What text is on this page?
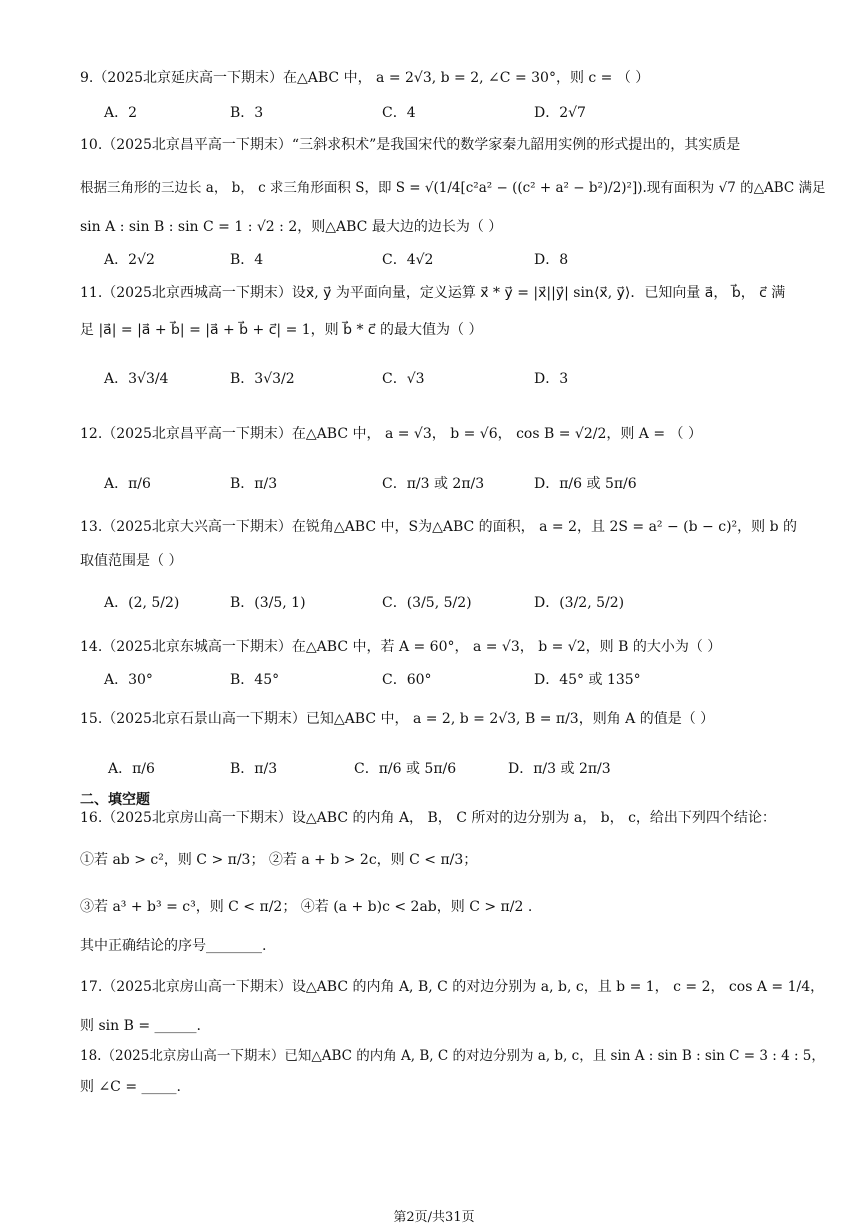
9.（2025北京延庆高一下期末）在△ABC 中， a = 2√3, b = 2, ∠C = 30°，则 c = （ ）
A．2	B．3	C．4	D．2√7
10.（2025北京昌平高一下期末）“三斜求积术”是我国宋代的数学家秦九韶用实例的形式提出的，其实质是
根据三角形的三边长 a， b， c 求三角形面积 S，即 S = √(1/4[c²a² − ((c² + a² − b²)/2)²]).现有面积为 √7 的△ABC 满足
sin A : sin B : sin C = 1 : √2 : 2，则△ABC 最大边的边长为（ ）
A．2√2	B．4	C．4√2	D．8
11.（2025北京西城高一下期末）设x⃗, y⃗ 为平面向量，定义运算 x⃗ * y⃗ = |x⃗||y⃗| sin⟨x⃗, y⃗⟩．已知向量 a⃗， b⃗， c⃗ 满
足 |a⃗| = |a⃗ + b⃗| = |a⃗ + b⃗ + c⃗| = 1，则 b⃗ * c⃗ 的最大值为（ ）
A．3√3/4	B．3√3/2	C．√3	D．3
12.（2025北京昌平高一下期末）在△ABC 中， a = √3， b = √6， cos B = √2/2，则 A = （ ）
A．π/6	B．π/3	C．π/3 或 2π/3	D．π/6 或 5π/6
13.（2025北京大兴高一下期末）在锐角△ABC 中，S为△ABC 的面积， a = 2，且 2S = a² − (b − c)²，则 b 的
取值范围是（ ）
A．(2, 5/2)	B．(3/5, 1)	C．(3/5, 5/2)	D．(3/2, 5/2)
14.（2025北京东城高一下期末）在△ABC 中，若 A = 60°， a = √3， b = √2，则 B 的大小为（ ）
A．30°	B．45°	C．60°	D．45° 或 135°
15.（2025北京石景山高一下期末）已知△ABC 中， a = 2, b = 2√3, B = π/3，则角 A 的值是（ ）
A．π/6	B．π/3	C．π/6 或 5π/6	D．π/3 或 2π/3
二、填空题
16.（2025北京房山高一下期末）设△ABC 的内角 A， B， C 所对的边分别为 a， b， c，给出下列四个结论：
①若 ab > c²，则 C > π/3； ②若 a + b > 2c，则 C < π/3；
③若 a³ + b³ = c³，则 C < π/2； ④若 (a + b)c < 2ab，则 C > π/2 .
其中正确结论的序号________.
17.（2025北京房山高一下期末）设△ABC 的内角 A, B, C 的对边分别为 a, b, c，且 b = 1， c = 2， cos A = 1/4，
则 sin B = ______.
18.（2025北京房山高一下期末）已知△ABC 的内角 A, B, C 的对边分别为 a, b, c，且 sin A : sin B : sin C = 3 : 4 : 5，
则 ∠C = _____.
第2页/共31页
